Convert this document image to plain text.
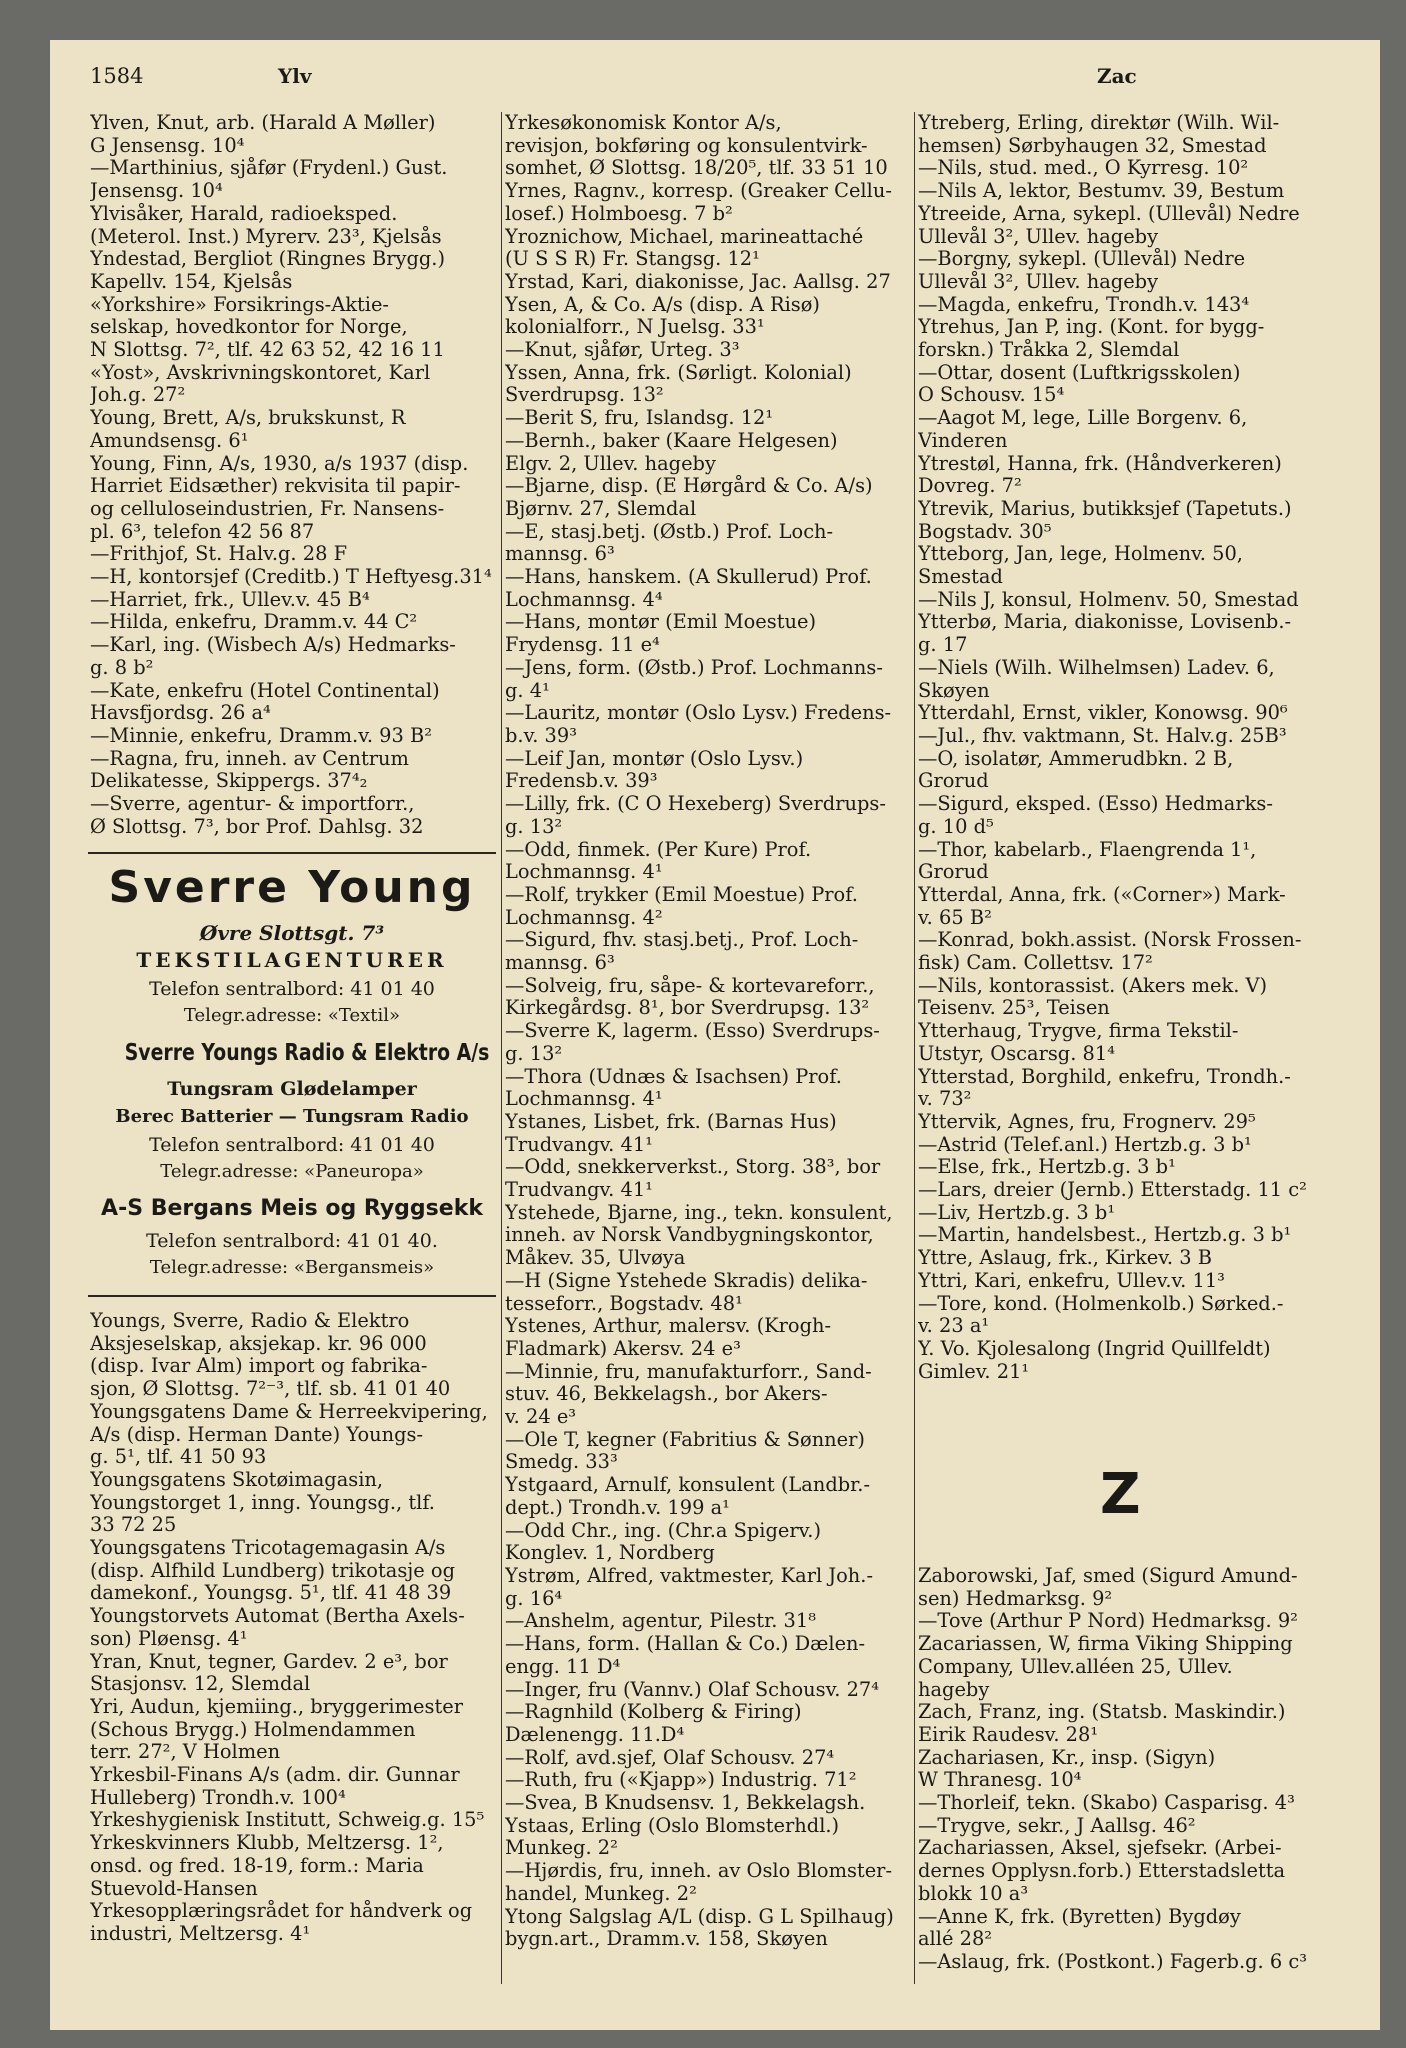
1584	Ylv	Zac
Ylven, Knut, arb. (Harald A Møller)
G Jensensg. 10⁴
—Marthinius, sjåfør (Frydenl.) Gust.
Jensensg. 10⁴
Ylvisåker, Harald, radioeksped.
(Meterol. Inst.) Myrerv. 23³, Kjelsås
Yndestad, Bergliot (Ringnes Brygg.)
Kapellv. 154, Kjelsås
«Yorkshire» Forsikrings-Aktie-
selskap, hovedkontor for Norge,
N Slottsg. 7², tlf. 42 63 52, 42 16 11
«Yost», Avskrivningskontoret, Karl
Joh.g. 27²
Young, Brett, A/s, brukskunst, R
Amundsensg. 6¹
Young, Finn, A/s, 1930, a/s 1937 (disp.
Harriet Eidsæther) rekvisita til papir-
og celluloseindustrien, Fr. Nansens-
pl. 6³, telefon 42 56 87
—Frithjof, St. Halv.g. 28 F
—H, kontorsjef (Creditb.) T Heftyesg.31⁴
—Harriet, frk., Ullev.v. 45 B⁴
—Hilda, enkefru, Dramm.v. 44 C²
—Karl, ing. (Wisbech A/s) Hedmarks-
g. 8 b²
—Kate, enkefru (Hotel Continental)
Havsfjordsg. 26 a⁴
—Minnie, enkefru, Dramm.v. 93 B²
—Ragna, fru, inneh. av Centrum
Delikatesse, Skippergs. 37⁴₂
—Sverre, agentur- & importforr.,
Ø Slottsg. 7³, bor Prof. Dahlsg. 32
Sverre Young
Øvre Slottsgt. 7³
TEKSTILAGENTURER
Telefon sentralbord: 41 01 40
Telegr.adresse: «Textil»
Sverre Youngs Radio & Elektro A/s
Tungsram Glødelamper
Berec Batterier — Tungsram Radio
Telefon sentralbord: 41 01 40
Telegr.adresse: «Paneuropa»
A-S Bergans Meis og Ryggsekk
Telefon sentralbord: 41 01 40.
Telegr.adresse: «Bergansmeis»
Youngs, Sverre, Radio & Elektro
Aksjeselskap, aksjekap. kr. 96 000
(disp. Ivar Alm) import og fabrika-
sjon, Ø Slottsg. 7²⁻³, tlf. sb. 41 01 40
Youngsgatens Dame & Herreekvipering,
A/s (disp. Herman Dante) Youngs-
g. 5¹, tlf. 41 50 93
Youngsgatens Skotøimagasin,
Youngstorget 1, inng. Youngsg., tlf.
33 72 25
Youngsgatens Tricotagemagasin A/s
(disp. Alfhild Lundberg) trikotasje og
damekonf., Youngsg. 5¹, tlf. 41 48 39
Youngstorvets Automat (Bertha Axels-
son) Pløensg. 4¹
Yran, Knut, tegner, Gardev. 2 e³, bor
Stasjonsv. 12, Slemdal
Yri, Audun, kjemiing., bryggerimester
(Schous Brygg.) Holmendammen
terr. 27², V Holmen
Yrkesbil-Finans A/s (adm. dir. Gunnar
Hulleberg) Trondh.v. 100⁴
Yrkeshygienisk Institutt, Schweig.g. 15⁵
Yrkeskvinners Klubb, Meltzersg. 1²,
onsd. og fred. 18-19, form.: Maria
Stuevold-Hansen
Yrkesopplæringsrådet for håndverk og
industri, Meltzersg. 4¹
Yrkesøkonomisk Kontor A/s,
revisjon, bokføring og konsulentvirk-
somhet, Ø Slottsg. 18/20⁵, tlf. 33 51 10
Yrnes, Ragnv., korresp. (Greaker Cellu-
losef.) Holmboesg. 7 b²
Yroznichow, Michael, marineattaché
(U S S R) Fr. Stangsg. 12¹
Yrstad, Kari, diakonisse, Jac. Aallsg. 27
Ysen, A, & Co. A/s (disp. A Risø)
kolonialforr., N Juelsg. 33¹
—Knut, sjåfør, Urteg. 3³
Yssen, Anna, frk. (Sørligt. Kolonial)
Sverdrupsg. 13²
—Berit S, fru, Islandsg. 12¹
—Bernh., baker (Kaare Helgesen)
Elgv. 2, Ullev. hageby
—Bjarne, disp. (E Hørgård & Co. A/s)
Bjørnv. 27, Slemdal
—E, stasj.betj. (Østb.) Prof. Loch-
mannsg. 6³
—Hans, hanskem. (A Skullerud) Prof.
Lochmannsg. 4⁴
—Hans, montør (Emil Moestue)
Frydensg. 11 e⁴
—Jens, form. (Østb.) Prof. Lochmanns-
g. 4¹
—Lauritz, montør (Oslo Lysv.) Fredens-
b.v. 39³
—Leif Jan, montør (Oslo Lysv.)
Fredensb.v. 39³
—Lilly, frk. (C O Hexeberg) Sverdrups-
g. 13²
—Odd, finmek. (Per Kure) Prof.
Lochmannsg. 4¹
—Rolf, trykker (Emil Moestue) Prof.
Lochmannsg. 4²
—Sigurd, fhv. stasj.betj., Prof. Loch-
mannsg. 6³
—Solveig, fru, såpe- & kortevareforr.,
Kirkegårdsg. 8¹, bor Sverdrupsg. 13²
—Sverre K, lagerm. (Esso) Sverdrups-
g. 13²
—Thora (Udnæs & Isachsen) Prof.
Lochmannsg. 4¹
Ystanes, Lisbet, frk. (Barnas Hus)
Trudvangv. 41¹
—Odd, snekkerverkst., Storg. 38³, bor
Trudvangv. 41¹
Ystehede, Bjarne, ing., tekn. konsulent,
inneh. av Norsk Vandbygningskontor,
Måkev. 35, Ulvøya
—H (Signe Ystehede Skradis) delika-
tesseforr., Bogstadv. 48¹
Ystenes, Arthur, malersv. (Krogh-
Fladmark) Akersv. 24 e³
—Minnie, fru, manufakturforr., Sand-
stuv. 46, Bekkelagsh., bor Akers-
v. 24 e³
—Ole T, kegner (Fabritius & Sønner)
Smedg. 33³
Ystgaard, Arnulf, konsulent (Landbr.-
dept.) Trondh.v. 199 a¹
—Odd Chr., ing. (Chr.a Spigerv.)
Konglev. 1, Nordberg
Ystrøm, Alfred, vaktmester, Karl Joh.-
g. 16⁴
—Anshelm, agentur, Pilestr. 31⁸
—Hans, form. (Hallan & Co.) Dælen-
engg. 11 D⁴
—Inger, fru (Vannv.) Olaf Schousv. 27⁴
—Ragnhild (Kolberg & Firing)
Dælenengg. 11.D⁴
—Rolf, avd.sjef, Olaf Schousv. 27⁴
—Ruth, fru («Kjapp») Industrig. 71²
—Svea, B Knudsensv. 1, Bekkelagsh.
Ystaas, Erling (Oslo Blomsterhdl.)
Munkeg. 2²
—Hjørdis, fru, inneh. av Oslo Blomster-
handel, Munkeg. 2²
Ytong Salgslag A/L (disp. G L Spilhaug)
bygn.art., Dramm.v. 158, Skøyen
Ytreberg, Erling, direktør (Wilh. Wil-
hemsen) Sørbyhaugen 32, Smestad
—Nils, stud. med., O Kyrresg. 10²
—Nils A, lektor, Bestumv. 39, Bestum
Ytreeide, Arna, sykepl. (Ullevål) Nedre
Ullevål 3², Ullev. hageby
—Borgny, sykepl. (Ullevål) Nedre
Ullevål 3², Ullev. hageby
—Magda, enkefru, Trondh.v. 143⁴
Ytrehus, Jan P, ing. (Kont. for bygg-
forskn.) Tråkka 2, Slemdal
—Ottar, dosent (Luftkrigsskolen)
O Schousv. 15⁴
—Aagot M, lege, Lille Borgenv. 6,
Vinderen
Ytrestøl, Hanna, frk. (Håndverkeren)
Dovreg. 7²
Ytrevik, Marius, butikksjef (Tapetuts.)
Bogstadv. 30⁵
Ytteborg, Jan, lege, Holmenv. 50,
Smestad
—Nils J, konsul, Holmenv. 50, Smestad
Ytterbø, Maria, diakonisse, Lovisenb.-
g. 17
—Niels (Wilh. Wilhelmsen) Ladev. 6,
Skøyen
Ytterdahl, Ernst, vikler, Konowsg. 90⁶
—Jul., fhv. vaktmann, St. Halv.g. 25B³
—O, isolatør, Ammerudbkn. 2 B,
Grorud
—Sigurd, eksped. (Esso) Hedmarks-
g. 10 d⁵
—Thor, kabelarb., Flaengrenda 1¹,
Grorud
Ytterdal, Anna, frk. («Corner») Mark-
v. 65 B²
—Konrad, bokh.assist. (Norsk Frossen-
fisk) Cam. Collettsv. 17²
—Nils, kontorassist. (Akers mek. V)
Teisenv. 25³, Teisen
Ytterhaug, Trygve, firma Tekstil-
Utstyr, Oscarsg. 81⁴
Ytterstad, Borghild, enkefru, Trondh.-
v. 73²
Yttervik, Agnes, fru, Frognerv. 29⁵
—Astrid (Telef.anl.) Hertzb.g. 3 b¹
—Else, frk., Hertzb.g. 3 b¹
—Lars, dreier (Jernb.) Etterstadg. 11 c²
—Liv, Hertzb.g. 3 b¹
—Martin, handelsbest., Hertzb.g. 3 b¹
Yttre, Aslaug, frk., Kirkev. 3 B
Yttri, Kari, enkefru, Ullev.v. 11³
—Tore, kond. (Holmenkolb.) Sørked.-
v. 23 a¹
Y. Vo. Kjolesalong (Ingrid Quillfeldt)
Gimlev. 21¹
Z
Zaborowski, Jaf, smed (Sigurd Amund-
sen) Hedmarksg. 9²
—Tove (Arthur P Nord) Hedmarksg. 9²
Zacariassen, W, firma Viking Shipping
Company, Ullev.alléen 25, Ullev.
hageby
Zach, Franz, ing. (Statsb. Maskindir.)
Eirik Raudesv. 28¹
Zachariasen, Kr., insp. (Sigyn)
W Thranesg. 10⁴
—Thorleif, tekn. (Skabo) Casparisg. 4³
—Trygve, sekr., J Aallsg. 46²
Zachariassen, Aksel, sjefsekr. (Arbei-
dernes Opplysn.forb.) Etterstadsletta
blokk 10 a³
—Anne K, frk. (Byretten) Bygdøy
allé 28²
—Aslaug, frk. (Postkont.) Fagerb.g. 6 c³
